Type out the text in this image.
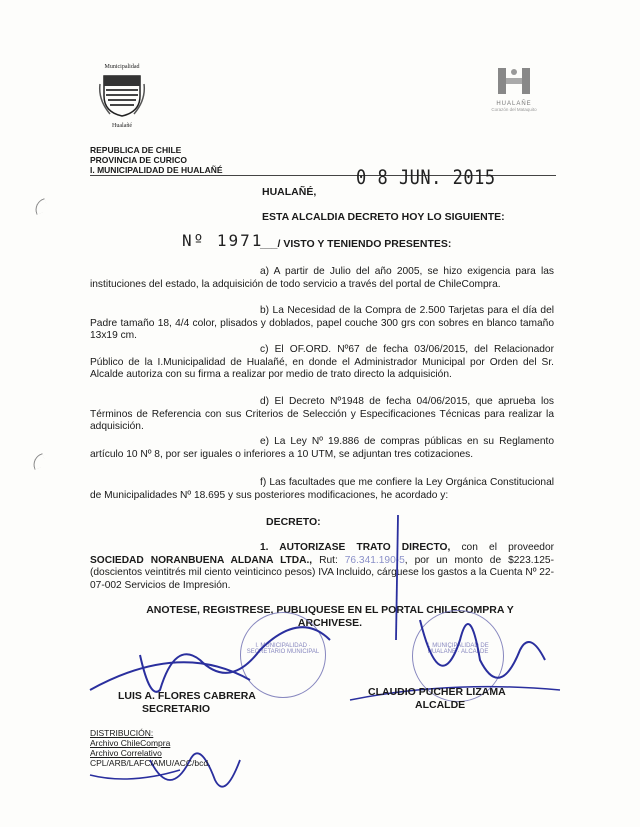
Municipalidad
Hualañé
HUALAÑE
Corazón del Mataquito
REPUBLICA DE CHILE
PROVINCIA DE CURICO
I. MUNICIPALIDAD DE HUALAÑÉ
HUALAÑÉ,
0 8 JUN. 2015
ESTA ALCALDIA DECRETO HOY LO SIGUIENTE:
Nº 1971
___/ VISTO Y TENIENDO PRESENTES:
a) A partir de Julio del año 2005, se hizo exigencia para las instituciones del estado, la adquisición de todo servicio a través del portal de ChileCompra.
b) La Necesidad de la Compra de 2.500 Tarjetas para el día del Padre tamaño 18, 4/4 color, plisados y doblados, papel couche 300 grs con sobres en blanco tamaño 13x19 cm.
c) El OF.ORD. Nº67 de fecha 03/06/2015, del Relacionador Público de la I.Municipalidad de Hualañé, en donde el Administrador Municipal por Orden del Sr. Alcalde autoriza con su firma a realizar por medio de trato directo la adquisición.
d) El Decreto Nº1948 de fecha 04/06/2015, que aprueba los Términos de Referencia con sus Criterios de Selección y Especificaciones Técnicas para realizar la adquisición.
e) La Ley Nº 19.886 de compras públicas en su Reglamento artículo 10 Nº 8, por ser iguales o inferiores a 10 UTM, se adjuntan tres cotizaciones.
f) Las facultades que me confiere la Ley Orgánica Constitucional de Municipalidades Nº 18.695 y sus posteriores modificaciones, he acordado y:
DECRETO:
1. AUTORIZASE TRATO DIRECTO, con el proveedor SOCIEDAD NORANBUENA ALDANA LTDA., Rut: 76.341.190-5, por un monto de $223.125- (doscientos veintitrés mil ciento veinticinco pesos) IVA Incluido, cárguese los gastos a la Cuenta Nº 22-07-002 Servicios de Impresión.
ANOTESE, REGISTRESE, PUBLIQUESE EN EL PORTAL CHILECOMPRA Y ARCHIVESE.
I. MUNICIPALIDAD · SECRETARIO MUNICIPAL
I. MUNICIPALIDAD DE HUALAÑE · ALCALDE
LUIS A. FLORES CABRERA
SECRETARIO
CLAUDIO PUCHER LIZAMA
ALCALDE
DISTRIBUCIÓN:
Archivo ChileCompra
Archivo Correlativo
CPL/ARB/LAFC/AMU/ACC/bcd.
